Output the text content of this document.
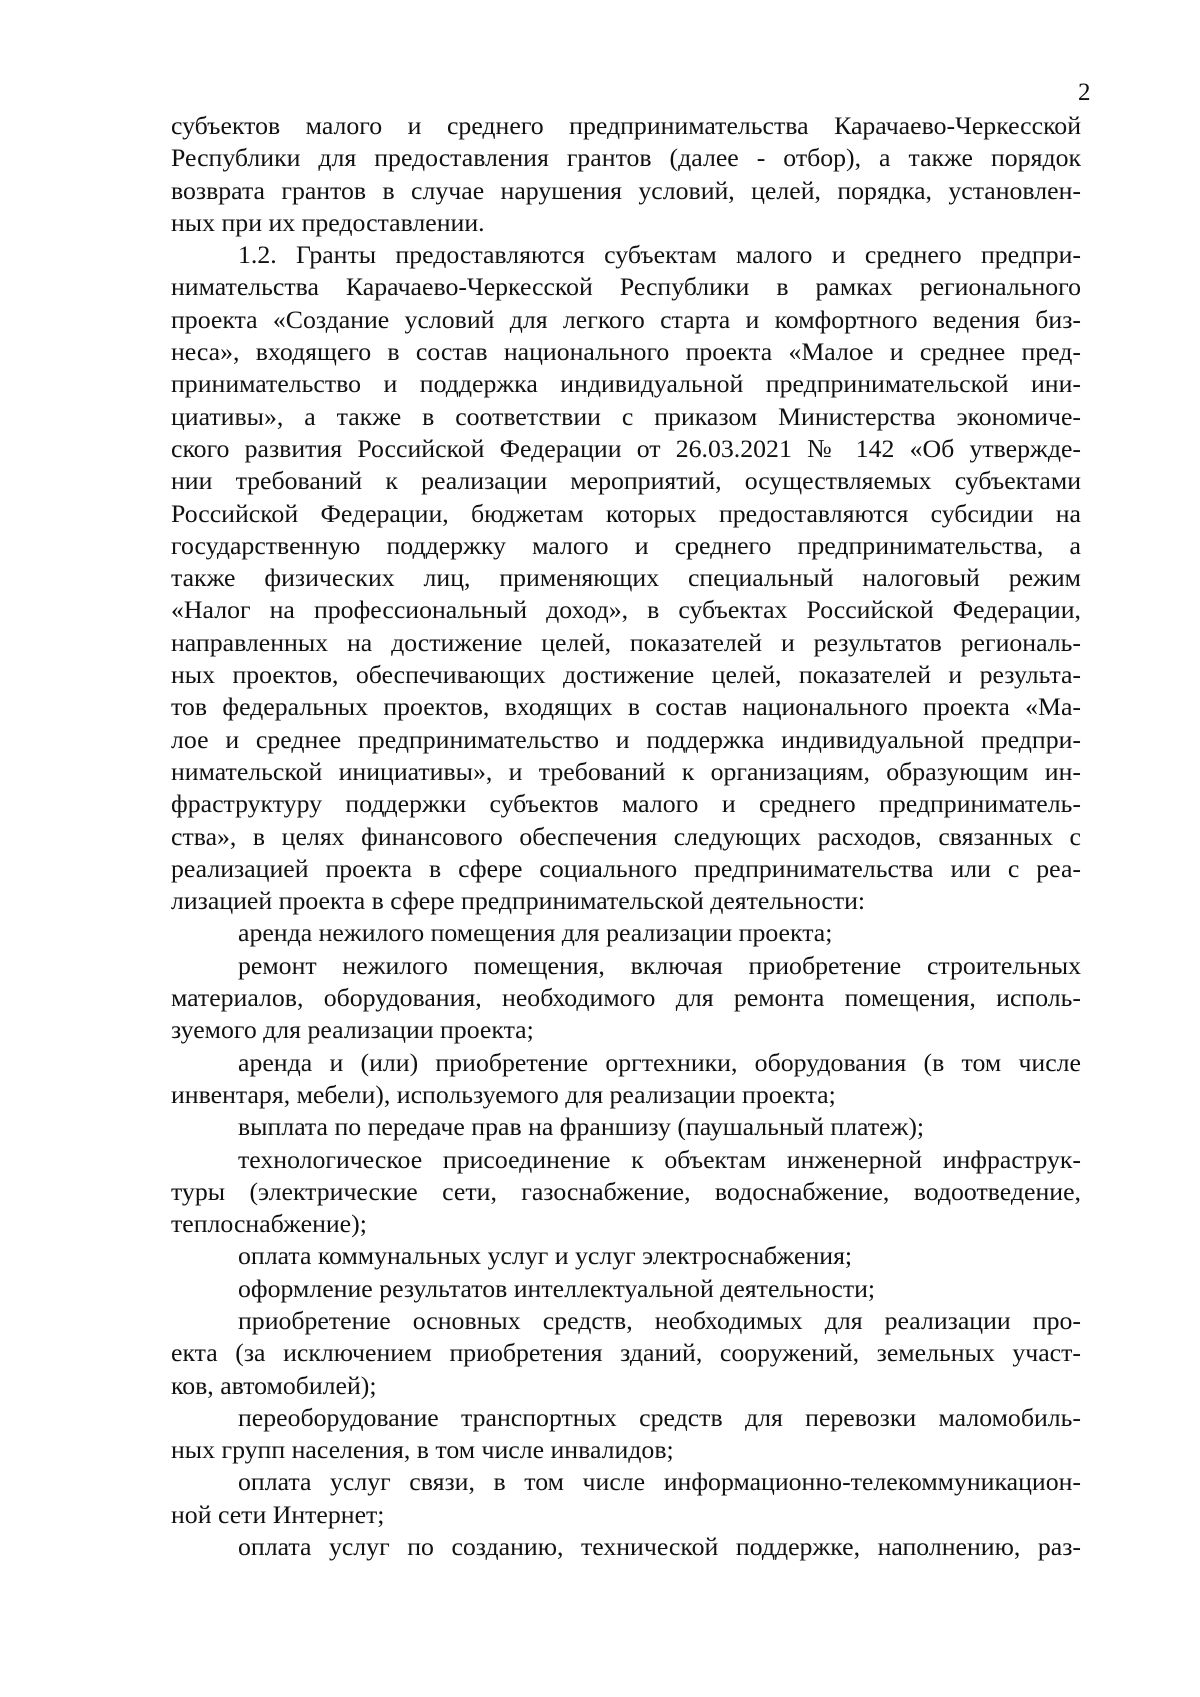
2
субъектов малого и среднего предпринимательства Карачаево-Черкесской
Республики для предоставления грантов (далее - отбор), а также порядок
возврата грантов в случае нарушения условий, целей, порядка, установлен-
ных при их предоставлении.
1.2. Гранты предоставляются субъектам малого и среднего предпри-
нимательства Карачаево-Черкесской Республики в рамках регионального
проекта «Создание условий для легкого старта и комфортного ведения биз-
неса», входящего в состав национального проекта «Малое и среднее пред-
принимательство и поддержка индивидуальной предпринимательской ини-
циативы», а также в соответствии с приказом Министерства экономиче-
ского развития Российской Федерации от 26.03.2021 № 142 «Об утвержде-
нии требований к реализации мероприятий, осуществляемых субъектами
Российской Федерации, бюджетам которых предоставляются субсидии на
государственную поддержку малого и среднего предпринимательства, а
также физических лиц, применяющих специальный налоговый режим
«Налог на профессиональный доход», в субъектах Российской Федерации,
направленных на достижение целей, показателей и результатов региональ-
ных проектов, обеспечивающих достижение целей, показателей и результа-
тов федеральных проектов, входящих в состав национального проекта «Ма-
лое и среднее предпринимательство и поддержка индивидуальной предпри-
нимательской инициативы», и требований к организациям, образующим ин-
фраструктуру поддержки субъектов малого и среднего предприниматель-
ства», в целях финансового обеспечения следующих расходов, связанных с
реализацией проекта в сфере социального предпринимательства или с реа-
лизацией проекта в сфере предпринимательской деятельности:
аренда нежилого помещения для реализации проекта;
ремонт нежилого помещения, включая приобретение строительных
материалов, оборудования, необходимого для ремонта помещения, исполь-
зуемого для реализации проекта;
аренда и (или) приобретение оргтехники, оборудования (в том числе
инвентаря, мебели), используемого для реализации проекта;
выплата по передаче прав на франшизу (паушальный платеж);
технологическое присоединение к объектам инженерной инфраструк-
туры (электрические сети, газоснабжение, водоснабжение, водоотведение,
теплоснабжение);
оплата коммунальных услуг и услуг электроснабжения;
оформление результатов интеллектуальной деятельности;
приобретение основных средств, необходимых для реализации про-
екта (за исключением приобретения зданий, сооружений, земельных участ-
ков, автомобилей);
переоборудование транспортных средств для перевозки маломобиль-
ных групп населения, в том числе инвалидов;
оплата услуг связи, в том числе информационно-телекоммуникацион-
ной сети Интернет;
оплата услуг по созданию, технической поддержке, наполнению, раз-
